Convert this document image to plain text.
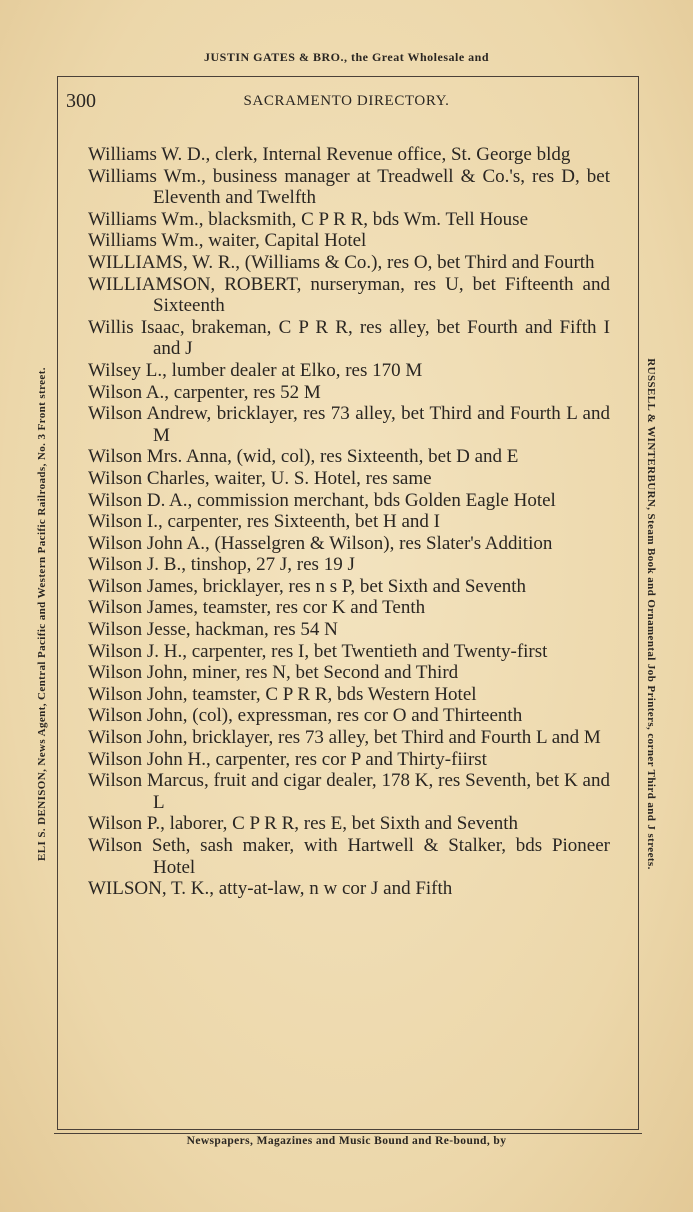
JUSTIN GATES & BRO., the Great Wholesale and
ELI S. DENISON, News Agent, Central Pacific and Western Pacific Railroads, No. 3 Front street.	RUSSELL & WINTERBURN, Steam Book and Ornamental Job Printers, corner Third and J streets.
300	SACRAMENTO DIRECTORY.
Williams W. D., clerk, Internal Revenue office, St. George bldg
Williams Wm., business manager at Treadwell & Co.'s, res D, bet Eleventh and Twelfth
Williams Wm., blacksmith, C P R R, bds Wm. Tell House
Williams Wm., waiter, Capital Hotel
WILLIAMS, W. R., (Williams & Co.), res O, bet Third and Fourth
WILLIAMSON, ROBERT, nurseryman, res U, bet Fifteenth and Sixteenth
Willis Isaac, brakeman, C P R R, res alley, bet Fourth and Fifth I and J
Wilsey L., lumber dealer at Elko, res 170 M
Wilson A., carpenter, res 52 M
Wilson Andrew, bricklayer, res 73 alley, bet Third and Fourth L and M
Wilson Mrs. Anna, (wid, col), res Sixteenth, bet D and E
Wilson Charles, waiter, U. S. Hotel, res same
Wilson D. A., commission merchant, bds Golden Eagle Hotel
Wilson I., carpenter, res Sixteenth, bet H and I
Wilson John A., (Hasselgren & Wilson), res Slater's Addition
Wilson J. B., tinshop, 27 J, res 19 J
Wilson James, bricklayer, res n s P, bet Sixth and Seventh
Wilson James, teamster, res cor K and Tenth
Wilson Jesse, hackman, res 54 N
Wilson J. H., carpenter, res I, bet Twentieth and Twenty-first
Wilson John, miner, res N, bet Second and Third
Wilson John, teamster, C P R R, bds Western Hotel
Wilson John, (col), expressman, res cor O and Thirteenth
Wilson John, bricklayer, res 73 alley, bet Third and Fourth L and M
Wilson John H., carpenter, res cor P and Thirty-fiirst
Wilson Marcus, fruit and cigar dealer, 178 K, res Seventh, bet K and L
Wilson P., laborer, C P R R, res E, bet Sixth and Seventh
Wilson Seth, sash maker, with Hartwell & Stalker, bds Pioneer Hotel
WILSON, T. K., atty-at-law, n w cor J and Fifth
Newspapers, Magazines and Music Bound and Re-bound, by
